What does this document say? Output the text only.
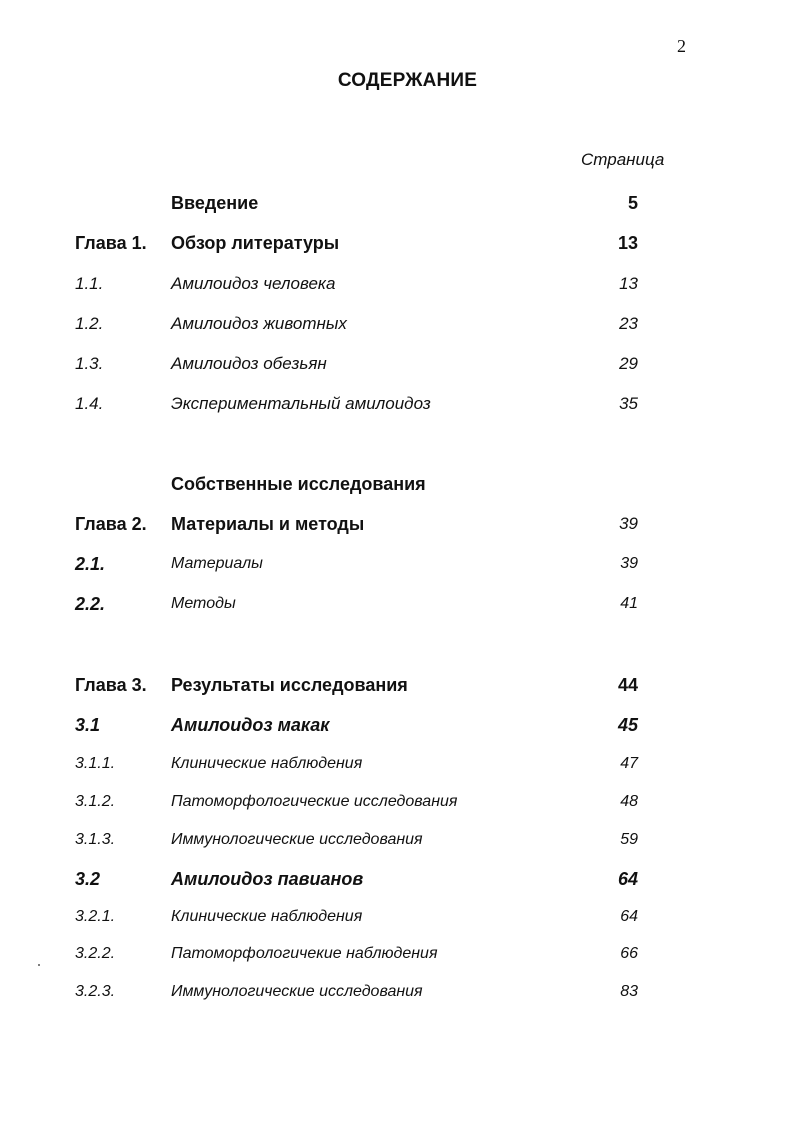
2
СОДЕРЖАНИЕ
Страница
Введение	5
Глава 1. Обзор литературы	13
1.1.	Амилоидоз человека	13
1.2.	Амилоидоз животных	23
1.3.	Амилоидоз обезьян	29
1.4.	Экспериментальный амилоидоз	35
Собственные исследования
Глава 2. Материалы и методы	39
2.1.	Материалы	39
2.2.	Методы	41
Глава 3. Результаты исследования	44
3.1	Амилоидоз макак	45
3.1.1.	Клинические наблюдения	47
3.1.2.	Патоморфологические исследования	48
3.1.3.	Иммунологические исследования	59
3.2	Амилоидоз павианов	64
3.2.1.	Клинические наблюдения	64
3.2.2.	Патоморфологичекие наблюдения	66
3.2.3.	Иммунологические исследования	83
